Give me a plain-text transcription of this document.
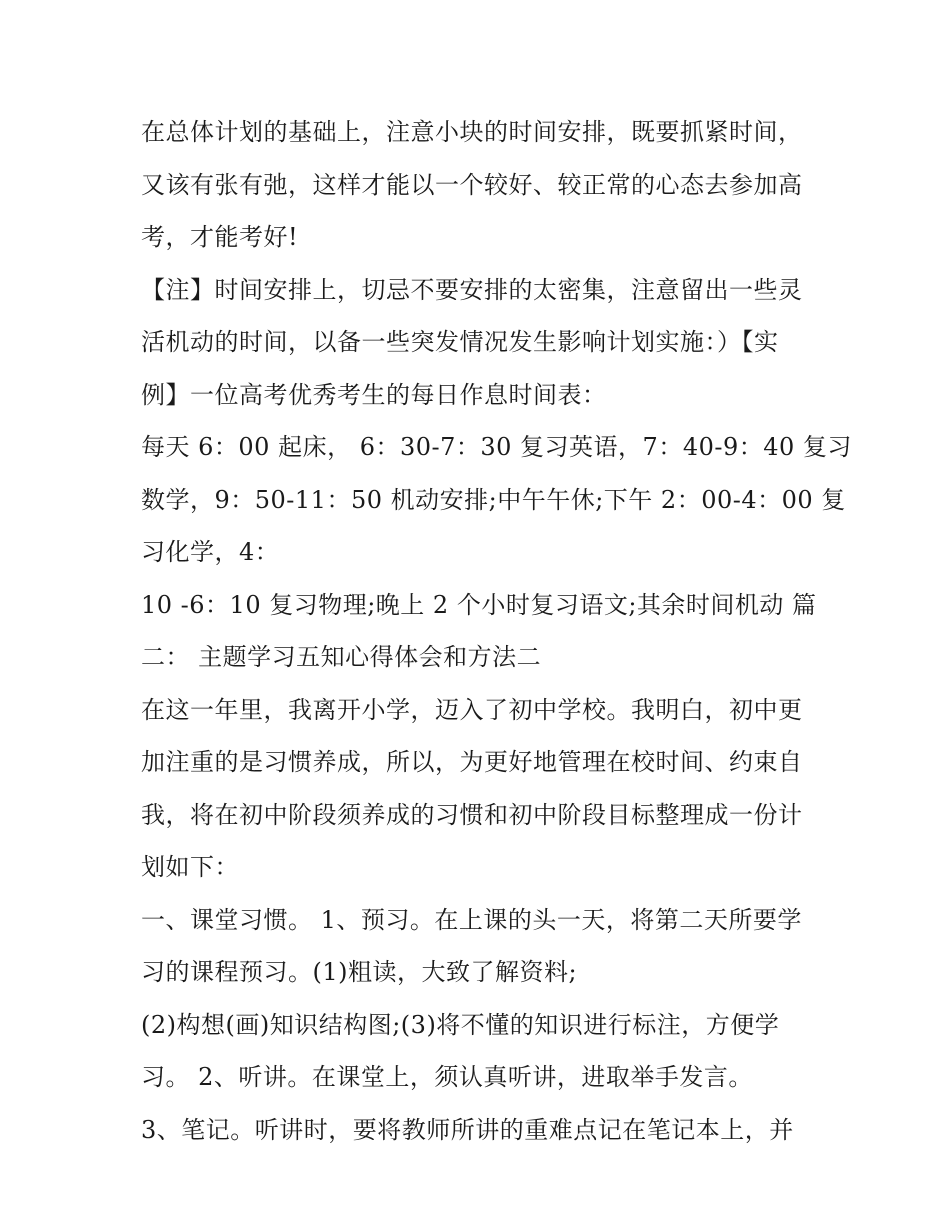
在总体计划的基础上，注意小块的时间安排，既要抓紧时间，
又该有张有弛，这样才能以一个较好、较正常的心态去参加高
考，才能考好!
【注】时间安排上，切忌不要安排的太密集，注意留出一些灵
活机动的时间，以备一些突发情况发生影响计划实施：）【实
例】一位高考优秀考生的每日作息时间表：
每天 6：00 起床， 6：30-7：30 复习英语，7：40-9：40 复习
数学，9：50-11：50 机动安排;中午午休;下午 2：00-4：00 复
习化学，4：
10 -6：10 复习物理;晚上 2 个小时复习语文;其余时间机动 篇
二： 主题学习五知心得体会和方法二
在这一年里，我离开小学，迈入了初中学校。我明白，初中更
加注重的是习惯养成，所以，为更好地管理在校时间、约束自
我，将在初中阶段须养成的习惯和初中阶段目标整理成一份计
划如下：
一、课堂习惯。 1、预习。在上课的头一天，将第二天所要学
习的课程预习。(1)粗读，大致了解资料;
(2)构想(画)知识结构图;(3)将不懂的知识进行标注，方便学
习。 2、听讲。在课堂上，须认真听讲，进取举手发言。
3、笔记。听讲时，要将教师所讲的重难点记在笔记本上，并
